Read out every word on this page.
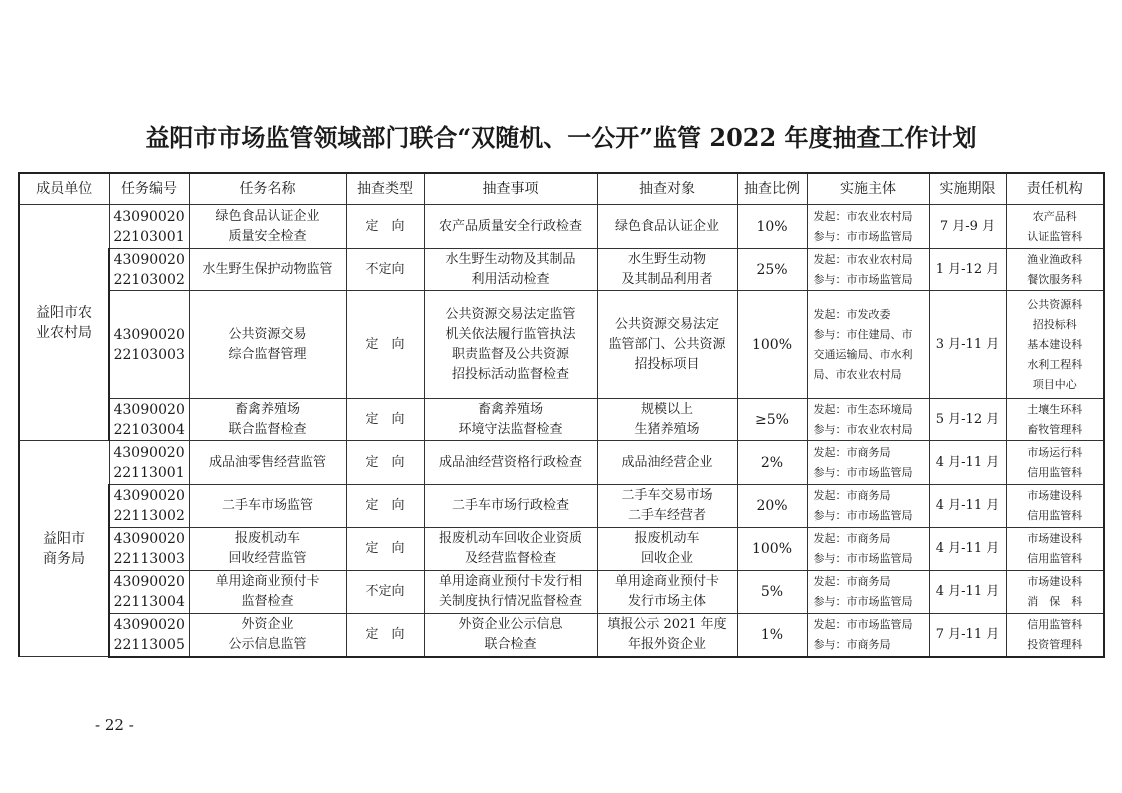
益阳市市场监管领域部门联合“双随机、一公开”监管 2022 年度抽查工作计划
成员单位	任务编号	任务名称	抽查类型	抽查事项	抽查对象	抽查比例	实施主体	实施期限	责任机构

益阳市农
业农村局	43090020
22103001	绿色食品认证企业
质量安全检查	定　向	农产品质量安全行政检查	绿色食品认证企业	10%	发起：市农业农村局
参与：市市场监管局	7 月-9 月	农产品科
认证监管科

	43090020
22103002	水生野生保护动物监管	不定向	水生野生动物及其制品
利用活动检查	水生野生动物
及其制品利用者	25%	发起：市农业农村局
参与：市市场监管局	1 月-12 月	渔业渔政科
餐饮服务科

	43090020
22103003	公共资源交易
综合监督管理	定　向	公共资源交易法定监管
机关依法履行监管执法
职责监督及公共资源
招投标活动监督检查	公共资源交易法定
监管部门、公共资源
招投标项目	100%	发起：市发改委
参与：市住建局、市
交通运输局、市水利
局、市农业农村局	3 月-11 月	公共资源科
招投标科
基本建设科
水利工程科
项目中心

	43090020
22103004	畜禽养殖场
联合监督检查	定　向	畜禽养殖场
环境守法监督检查	规模以上
生猪养殖场	≥5%	发起：市生态环境局
参与：市农业农村局	5 月-12 月	土壤生环科
畜牧管理科

益阳市
商务局	43090020
22113001	成品油零售经营监管	定　向	成品油经营资格行政检查	成品油经营企业	2%	发起：市商务局
参与：市市场监管局	4 月-11 月	市场运行科
信用监管科

	43090020
22113002	二手车市场监管	定　向	二手车市场行政检查	二手车交易市场
二手车经营者	20%	发起：市商务局
参与：市市场监管局	4 月-11 月	市场建设科
信用监管科

	43090020
22113003	报废机动车
回收经营监管	定　向	报废机动车回收企业资质
及经营监督检查	报废机动车
回收企业	100%	发起：市商务局
参与：市市场监管局	4 月-11 月	市场建设科
信用监管科

	43090020
22113004	单用途商业预付卡
监督检查	不定向	单用途商业预付卡发行相
关制度执行情况监督检查	单用途商业预付卡
发行市场主体	5%	发起：市商务局
参与：市市场监管局	4 月-11 月	市场建设科
消　保　科

	43090020
22113005	外资企业
公示信息监管	定　向	外资企业公示信息
联合检查	填报公示 2021 年度
年报外资企业	1%	发起：市市场监管局
参与：市商务局	7 月-11 月	信用监管科
投资管理科
- 22 -
